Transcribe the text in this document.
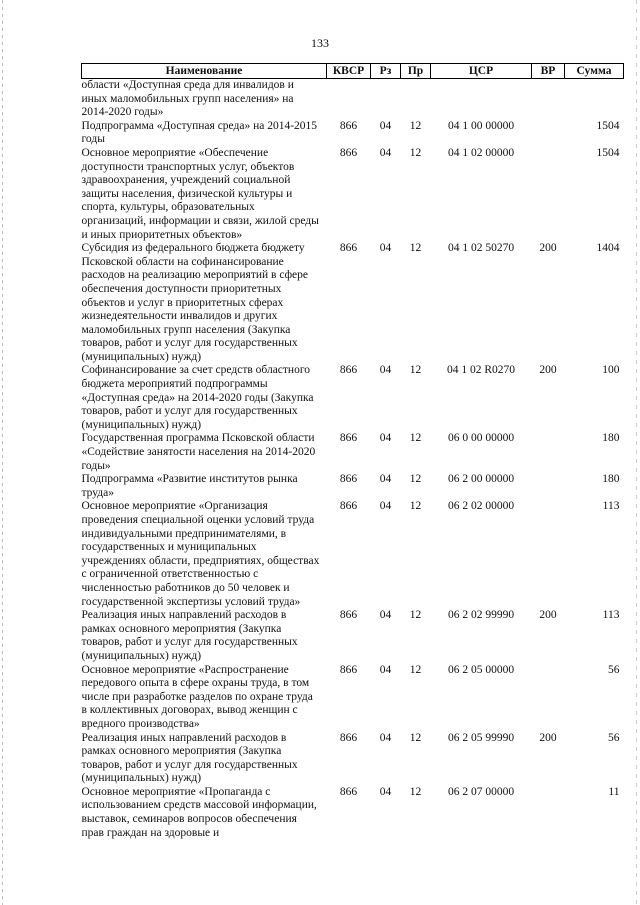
133
Наименование	КВСР	Рз	Пр	ЦСР	ВР	Сумма
области «Доступная среда для инвалидов и иных маломобильных групп населения» на 2014-2020 годы»						
Подпрограмма «Доступная среда» на 2014-2015 годы	866	04	12	04 1 00 00000		1504
Основное мероприятие «Обеспечение доступности транспортных услуг, объектов здравоохранения, учреждений социальной защиты населения, физической культуры и спорта, культуры, образовательных организаций, информации и связи, жилой среды и иных приоритетных объектов»	866	04	12	04 1 02 00000		1504
Субсидия из федерального бюджета бюджету Псковской области на софинансирование расходов на реализацию мероприятий в сфере обеспечения доступности приоритетных объектов и услуг в приоритетных сферах жизнедеятельности инвалидов и других маломобильных групп населения (Закупка товаров, работ и услуг для государственных (муниципальных) нужд)	866	04	12	04 1 02 50270	200	1404
Софинансирование за счет средств областного бюджета мероприятий подпрограммы «Доступная среда» на 2014-2020 годы (Закупка товаров, работ и услуг для государственных (муниципальных) нужд)	866	04	12	04 1 02 R0270	200	100
Государственная программа Псковской области «Содействие занятости населения на 2014-2020 годы»	866	04	12	06 0 00 00000		180
Подпрограмма «Развитие институтов рынка труда»	866	04	12	06 2 00 00000		180
Основное мероприятие «Организация проведения специальной оценки условий труда индивидуальными предпринимателями, в государственных и муниципальных учреждениях области, предприятиях, обществах с ограниченной ответственностью с численностью работников до 50 человек и государственной экспертизы условий труда»	866	04	12	06 2 02 00000		113
Реализация иных направлений расходов в рамках основного мероприятия (Закупка товаров, работ и услуг для государственных (муниципальных) нужд)	866	04	12	06 2 02 99990	200	113
Основное мероприятие «Распространение передового опыта в сфере охраны труда, в том числе при разработке разделов по охране труда в коллективных договорах, вывод женщин с вредного производства»	866	04	12	06 2 05 00000		56
Реализация иных направлений расходов в рамках основного мероприятия (Закупка товаров, работ и услуг для государственных (муниципальных) нужд)	866	04	12	06 2 05 99990	200	56
Основное мероприятие «Пропаганда с использованием средств массовой информации, выставок, семинаров вопросов обеспечения прав граждан на здоровые и	866	04	12	06 2 07 00000		11
